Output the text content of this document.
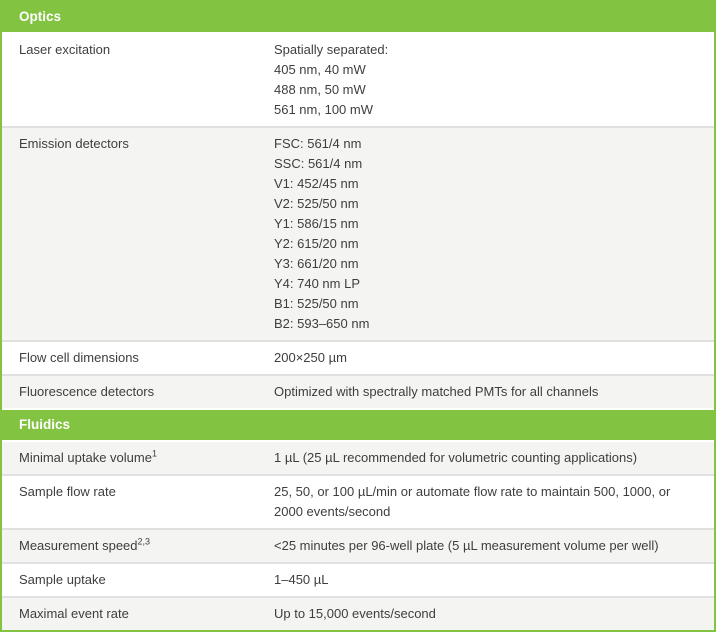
Optics
Laser excitation	Spatially separated:
405 nm, 40 mW
488 nm, 50 mW
561 nm, 100 mW
Emission detectors	FSC: 561/4 nm
SSC: 561/4 nm
V1: 452/45 nm
V2: 525/50 nm
Y1: 586/15 nm
Y2: 615/20 nm
Y3: 661/20 nm
Y4: 740 nm LP
B1: 525/50 nm
B2: 593–650 nm
Flow cell dimensions	200×250 µm
Fluorescence detectors	Optimized with spectrally matched PMTs for all channels
Fluidics
Minimal uptake volume$^1$	1 µL (25 µL recommended for volumetric counting applications)
Sample flow rate	25, 50, or 100 µL/min or automate flow rate to maintain 500, 1000, or 2000 events/second
Measurement speed$^{2,3}$	<25 minutes per 96-well plate (5 µL measurement volume per well)
Sample uptake	1–450 µL
Maximal event rate	Up to 15,000 events/second
